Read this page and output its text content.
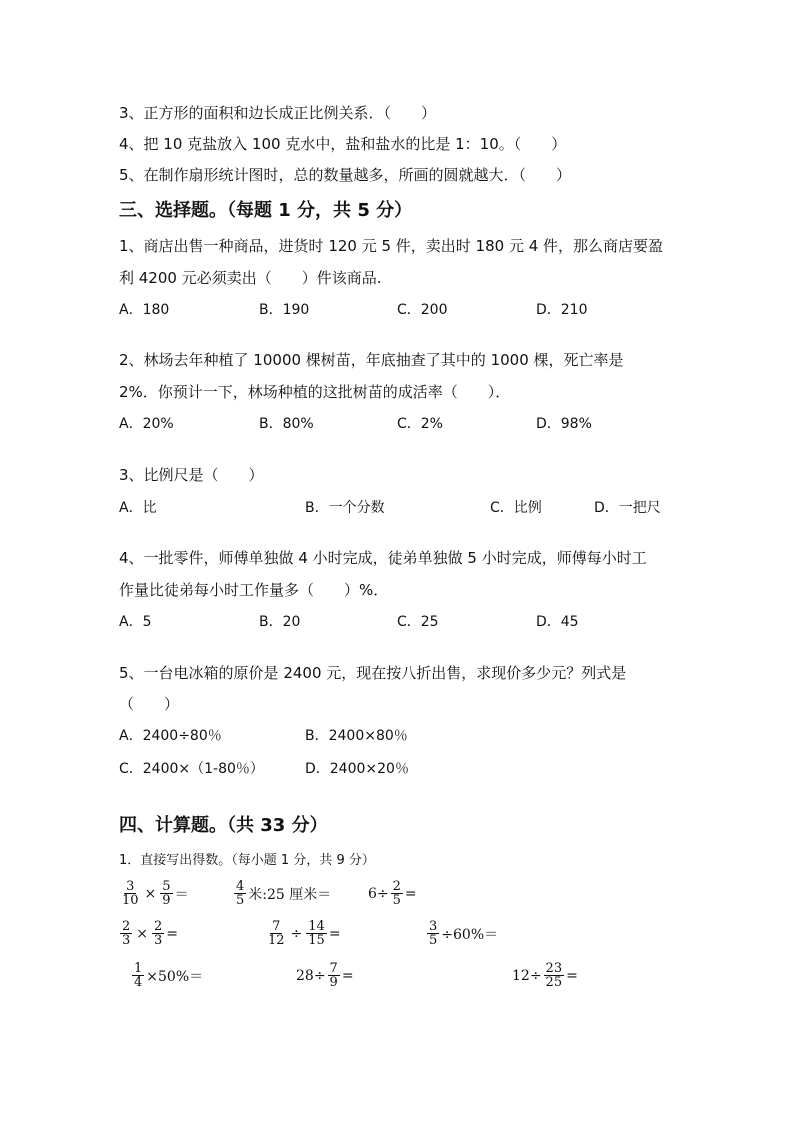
3、正方形的面积和边长成正比例关系．（　　）
4、把 10 克盐放入 100 克水中，盐和盐水的比是 1：10。（　　）
5、在制作扇形统计图时，总的数量越多，所画的圆就越大．（　　）
三、选择题。（每题 1 分，共 5 分）
1、商店出售一种商品，进货时 120 元 5 件，卖出时 180 元 4 件，那么商店要盈
利 4200 元必须卖出（　　）件该商品.
A．180	B．190	C．200	D．210
2、林场去年种植了 10000 棵树苗，年底抽查了其中的 1000 棵，死亡率是
2%．你预计一下，林场种植的这批树苗的成活率（　　）．
A．20%	B．80%	C．2%	D．98%
3、比例尺是（　　）
A．比	B．一个分数	C．比例	D．一把尺
4、一批零件，师傅单独做 4 小时完成，徒弟单独做 5 小时完成，师傅每小时工
作量比徒弟每小时工作量多（　　）%．
A．5	B．20	C．25	D．45
5、一台电冰箱的原价是 2400 元，现在按八折出售，求现价多少元？列式是
（　　）
A．2400÷80％	B．2400×80％
C．2400×（1-80％）	D．2400×20％
四、计算题。（共 33 分）
1．直接写出得数。（每小题 1 分，共 9 分）
$\frac{3}{10} \times \frac{5}{9}$ ＝	$\frac{4}{5}$ 米:25 厘米＝	$6\div \frac{2}{5}$ =
$\frac{2}{3} \times \frac{2}{3}$ =	$\frac{7}{12} \div \frac{14}{15}$ =	$\frac{3}{5} \div 60\%=$
$\frac{1}{4} \times 50\%=$	$28\div \frac{7}{9}$ =	$12\div \frac{23}{25}$ =
